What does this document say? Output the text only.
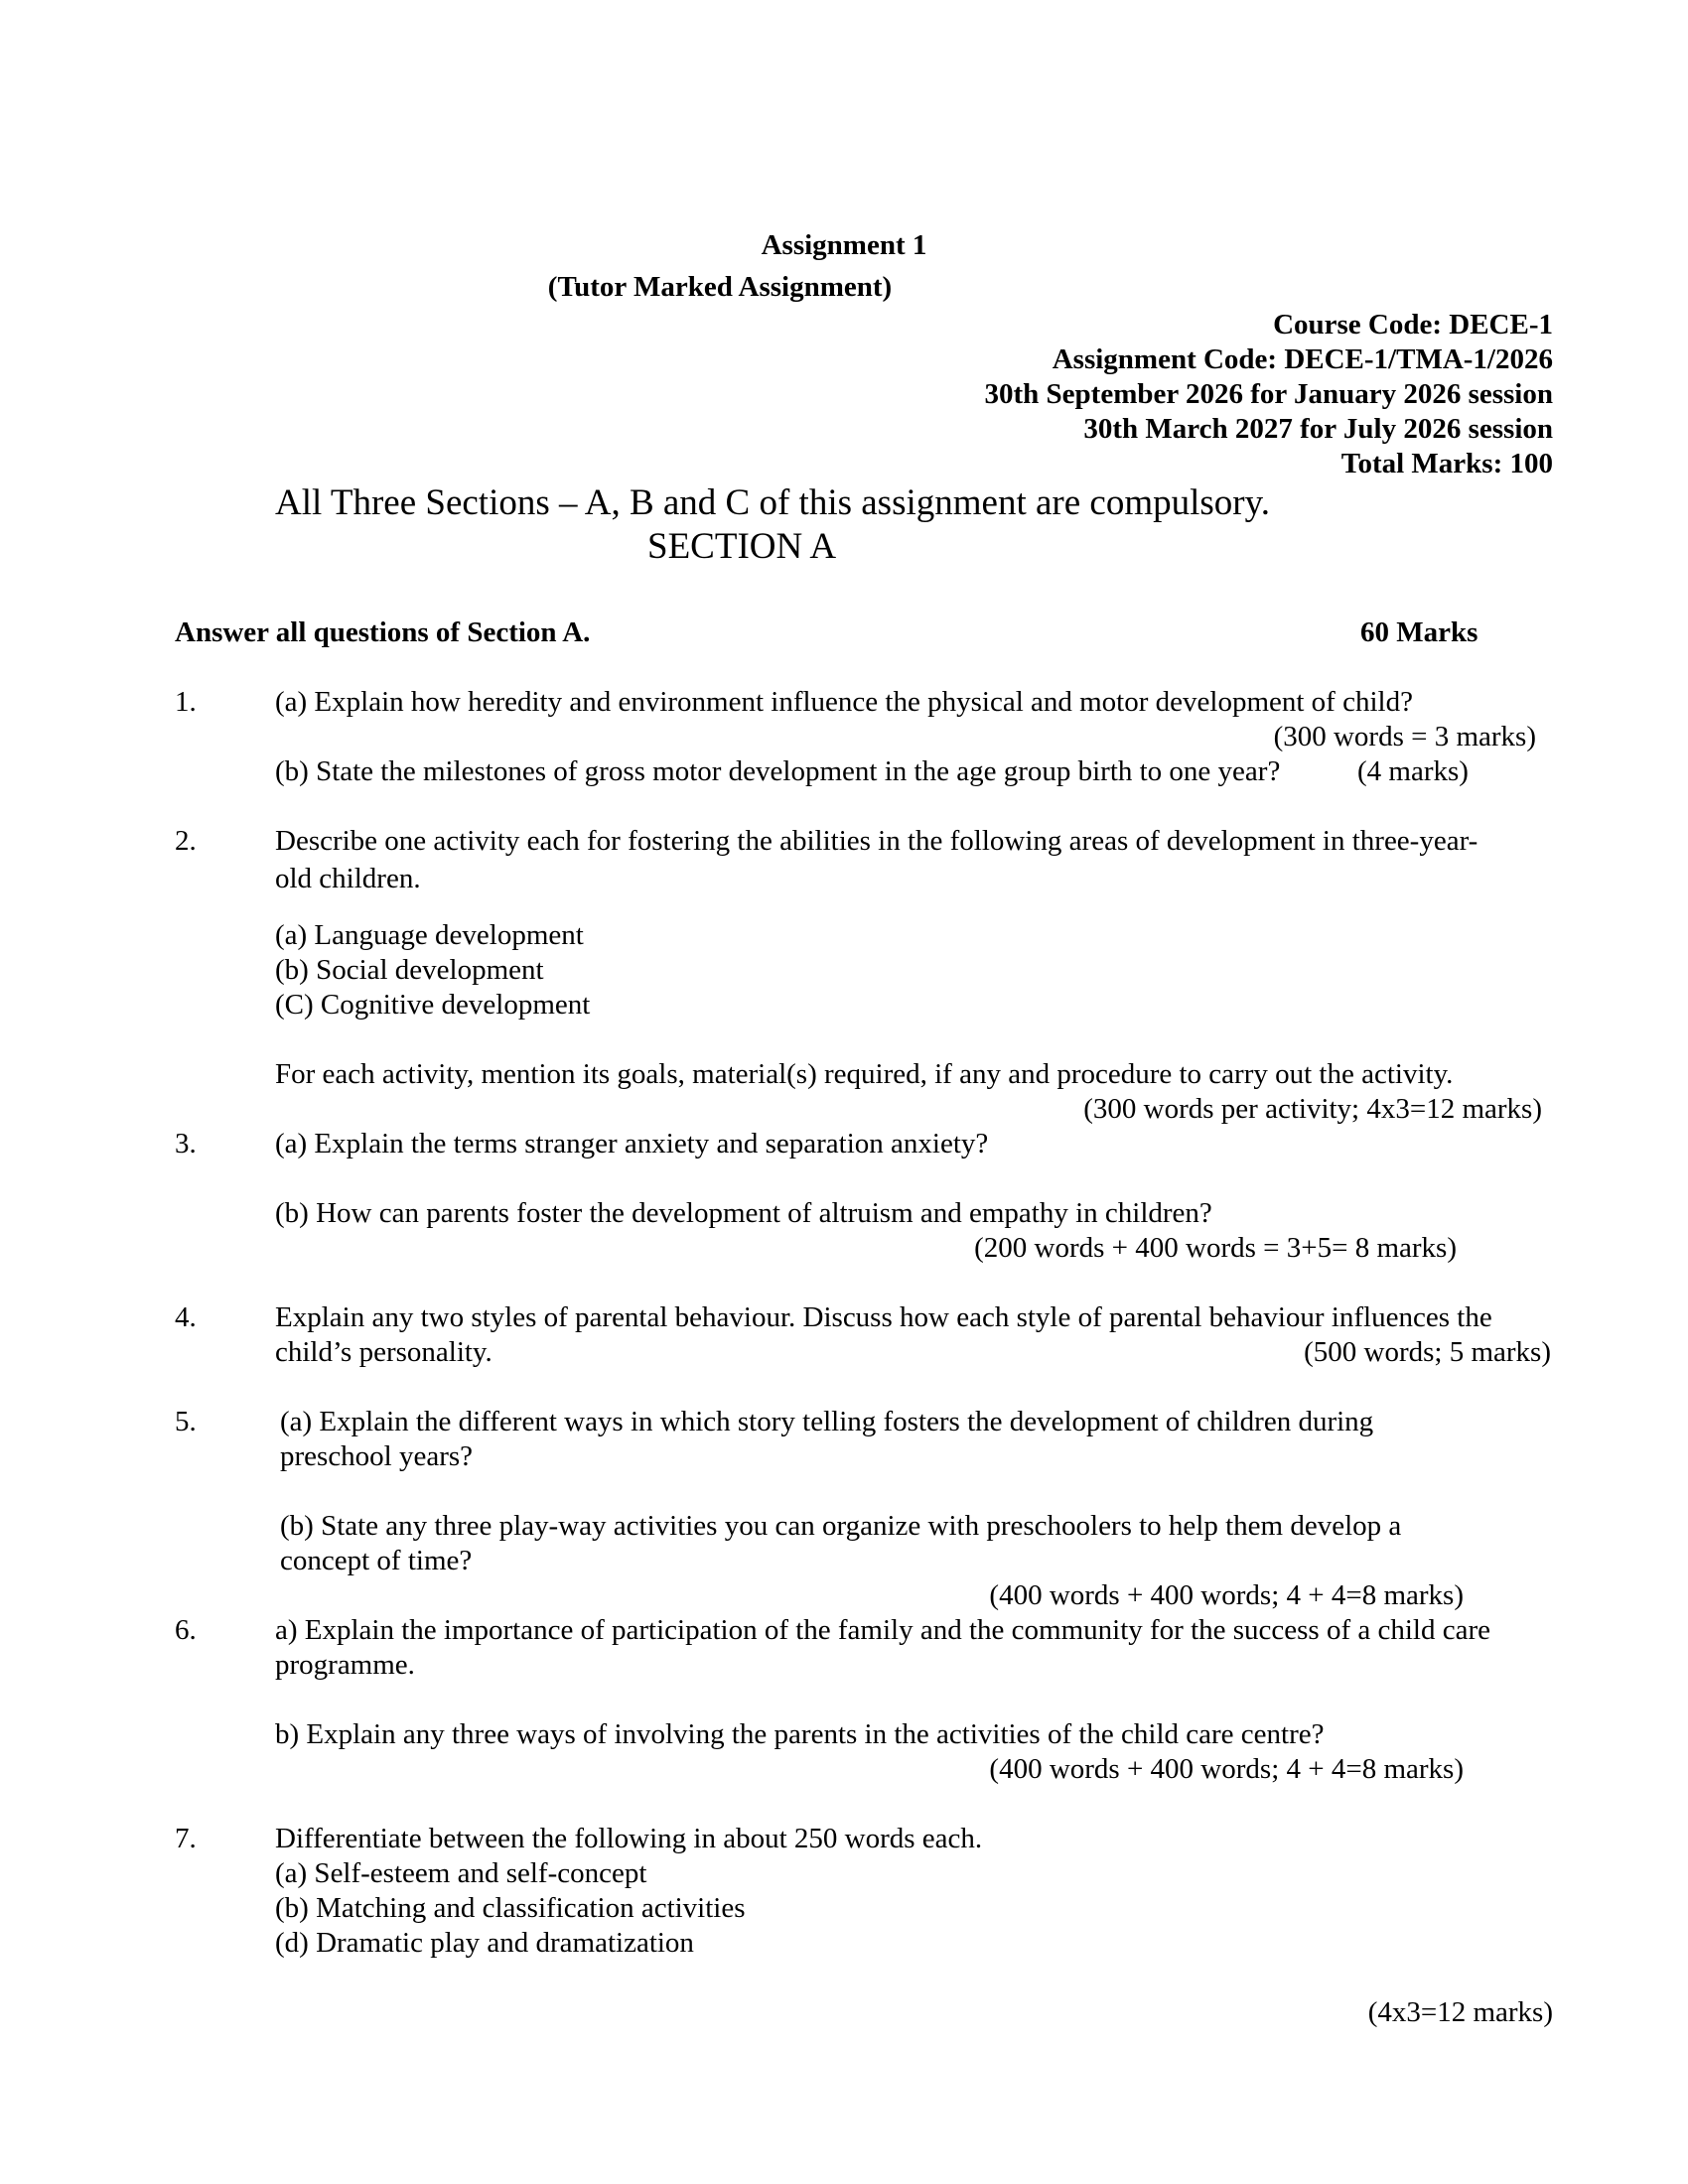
Assignment 1
(Tutor Marked Assignment)
Course Code: DECE-1
Assignment Code: DECE-1/TMA-1/2026
30th September 2026 for January 2026 session
30th March 2027 for July 2026 session
Total Marks: 100
All Three Sections – A, B and C of this assignment are compulsory.
SECTION A
Answer all questions of Section A.	60 Marks
1.	(a) Explain how heredity and environment influence the physical and motor development of child?
(300 words = 3 marks)
(b) State the milestones of gross motor development in the age group birth to one year?	(4 marks)
2.	Describe one activity each for fostering the abilities in the following areas of development in three-year-
old children.
(a) Language development
(b) Social development
(C) Cognitive development
For each activity, mention its goals, material(s) required, if any and procedure to carry out the activity.
(300 words per activity; 4x3=12 marks)
3.	(a) Explain the terms stranger anxiety and separation anxiety?
(b) How can parents foster the development of altruism and empathy in children?
(200 words + 400 words = 3+5= 8 marks)
4.	Explain any two styles of parental behaviour. Discuss how each style of parental behaviour influences the
child’s personality.	(500 words; 5 marks)
5.	(a) Explain the different ways in which story telling fosters the development of children during
preschool years?
(b) State any three play-way activities you can organize with preschoolers to help them develop a
concept of time?
(400 words + 400 words; 4 + 4=8 marks)
6.	a) Explain the importance of participation of the family and the community for the success of a child care
programme.
b) Explain any three ways of involving the parents in the activities of the child care centre?
(400 words + 400 words; 4 + 4=8 marks)
7.	Differentiate between the following in about 250 words each.
(a) Self-esteem and self-concept
(b) Matching and classification activities
(d) Dramatic play and dramatization
(4x3=12 marks)
